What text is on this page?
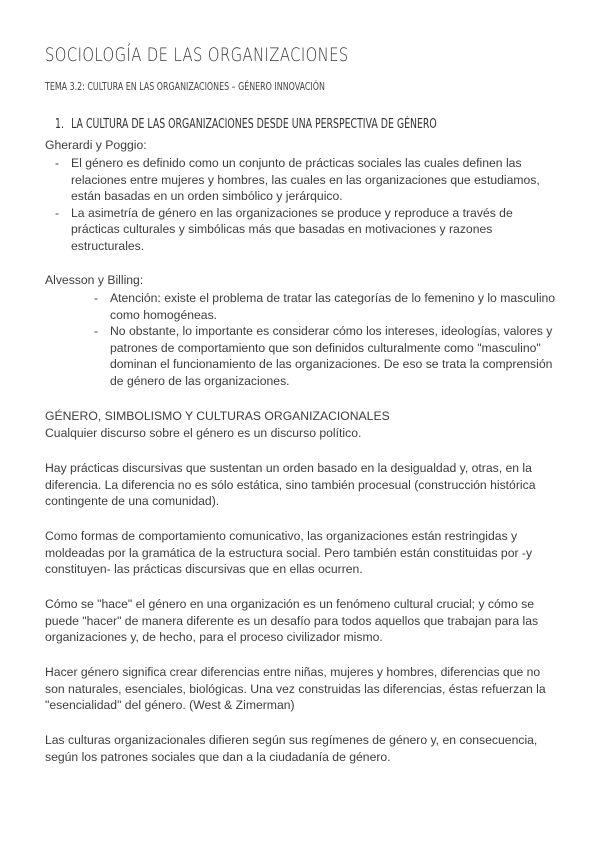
SOCIOLOGÍA DE LAS ORGANIZACIONES
TEMA 3.2: CULTURA EN LAS ORGANIZACIONES – GÉNERO INNOVACIÓN
1. LA CULTURA DE LAS ORGANIZACIONES DESDE UNA PERSPECTIVA DE GÉNERO
Gherardi y Poggio:
- El género es definido como un conjunto de prácticas sociales las cuales definen las relaciones entre mujeres y hombres, las cuales en las organizaciones que estudiamos, están basadas en un orden simbólico y jerárquico.
- La asimetría de género en las organizaciones se produce y reproduce a través de prácticas culturales y simbólicas más que basadas en motivaciones y razones estructurales.
Alvesson y Billing:
- Atención: existe el problema de tratar las categorías de lo femenino y lo masculino como homogéneas.
- No obstante, lo importante es considerar cómo los intereses, ideologías, valores y patrones de comportamiento que son definidos culturalmente como "masculino" dominan el funcionamiento de las organizaciones. De eso se trata la comprensión de género de las organizaciones.
GÉNERO, SIMBOLISMO Y CULTURAS ORGANIZACIONALES
Cualquier discurso sobre el género es un discurso político.
Hay prácticas discursivas que sustentan un orden basado en la desigualdad y, otras, en la diferencia. La diferencia no es sólo estática, sino también procesual (construcción histórica contingente de una comunidad).
Como formas de comportamiento comunicativo, las organizaciones están restringidas y moldeadas por la gramática de la estructura social. Pero también están constituidas por -y constituyen- las prácticas discursivas que en ellas ocurren.
Cómo se "hace" el género en una organización es un fenómeno cultural crucial; y cómo se puede "hacer" de manera diferente es un desafío para todos aquellos que trabajan para las organizaciones y, de hecho, para el proceso civilizador mismo.
Hacer género significa crear diferencias entre niñas, mujeres y hombres, diferencias que no son naturales, esenciales, biológicas. Una vez construidas las diferencias, éstas refuerzan la "esencialidad" del género. (West & Zimerman)
Las culturas organizacionales difieren según sus regímenes de género y, en consecuencia, según los patrones sociales que dan a la ciudadanía de género.
